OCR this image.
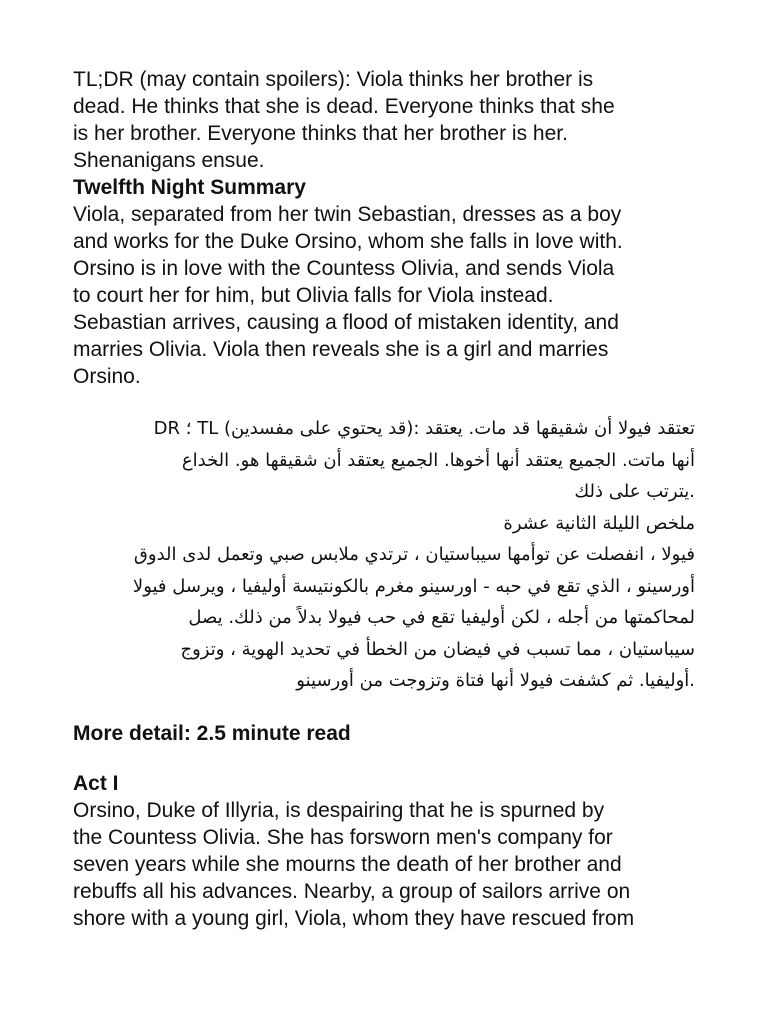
TL;DR (may contain spoilers): Viola thinks her brother is
dead. He thinks that she is dead. Everyone thinks that she
is her brother. Everyone thinks that her brother is her.
Shenanigans ensue.

Twelfth Night Summary

Viola, separated from her twin Sebastian, dresses as a boy
and works for the Duke Orsino, whom she falls in love with.
Orsino is in love with the Countess Olivia, and sends Viola
to court her for him, but Olivia falls for Viola instead.
Sebastian arrives, causing a flood of mistaken identity, and
marries Olivia. Viola then reveals she is a girl and marries
Orsino.

تعتقد فيولا أن شقيقها قد مات. يعتقد :(قد يحتوي على مفسدين) TL ؛ DR
أنها ماتت. الجميع يعتقد أنها أخوها. الجميع يعتقد أن شقيقها هو. الخداع
.يترتب على ذلك
ملخص الليلة الثانية عشرة
فيولا ، انفصلت عن توأمها سيباستيان ، ترتدي ملابس صبي وتعمل لدى الدوق
أورسينو ، الذي تقع في حبه - اورسينو مغرم بالكونتيسة أوليفيا ، ويرسل فيولا
لمحاكمتها من أجله ، لكن أوليفيا تقع في حب فيولا بدلاً من ذلك. يصل
سيباستيان ، مما تسبب في فيضان من الخطأ في تحديد الهوية ، وتزوج
.أوليفيا. ثم كشفت فيولا أنها فتاة وتزوجت من أورسينو

More detail: 2.5 minute read

Act I

Orsino, Duke of Illyria, is despairing that he is spurned by
the Countess Olivia. She has forsworn men's company for
seven years while she mourns the death of her brother and
rebuffs all his advances. Nearby, a group of sailors arrive on
shore with a young girl, Viola, whom they have rescued from
